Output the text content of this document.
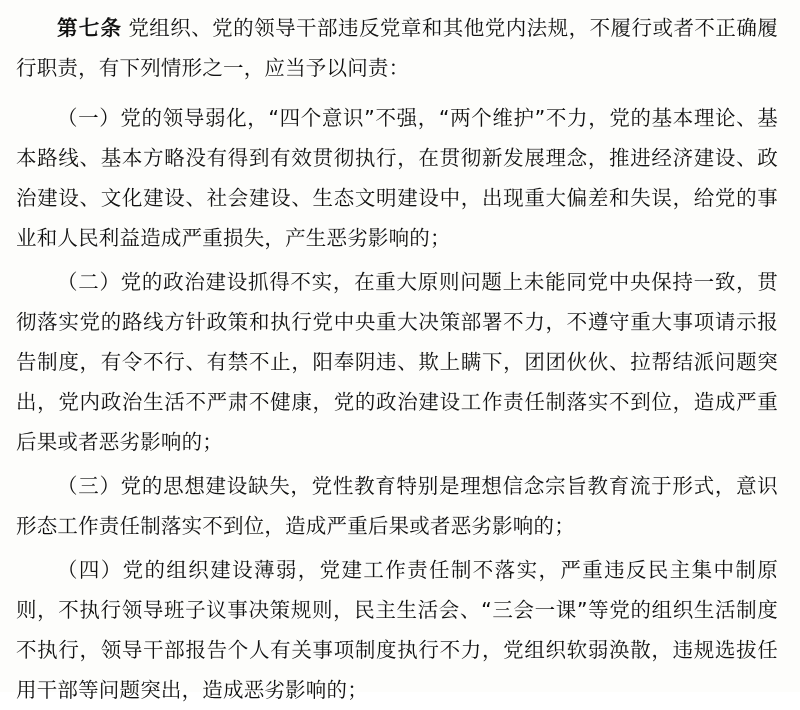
第七条 党组织、党的领导干部违反党章和其他党内法规，不履行或者不正确履行职责，有下列情形之一，应当予以问责：

（一）党的领导弱化，“四个意识”不强，“两个维护”不力，党的基本理论、基本路线、基本方略没有得到有效贯彻执行，在贯彻新发展理念，推进经济建设、政治建设、文化建设、社会建设、生态文明建设中，出现重大偏差和失误，给党的事业和人民利益造成严重损失，产生恶劣影响的；

（二）党的政治建设抓得不实，在重大原则问题上未能同党中央保持一致，贯彻落实党的路线方针政策和执行党中央重大决策部署不力，不遵守重大事项请示报告制度，有令不行、有禁不止，阳奉阴违、欺上瞒下，团团伙伙、拉帮结派问题突出，党内政治生活不严肃不健康，党的政治建设工作责任制落实不到位，造成严重后果或者恶劣影响的；

（三）党的思想建设缺失，党性教育特别是理想信念宗旨教育流于形式，意识形态工作责任制落实不到位，造成严重后果或者恶劣影响的；

（四）党的组织建设薄弱，党建工作责任制不落实，严重违反民主集中制原则，不执行领导班子议事决策规则，民主生活会、“三会一课”等党的组织生活制度不执行，领导干部报告个人有关事项制度执行不力，党组织软弱涣散，违规选拔任用干部等问题突出，造成恶劣影响的；
